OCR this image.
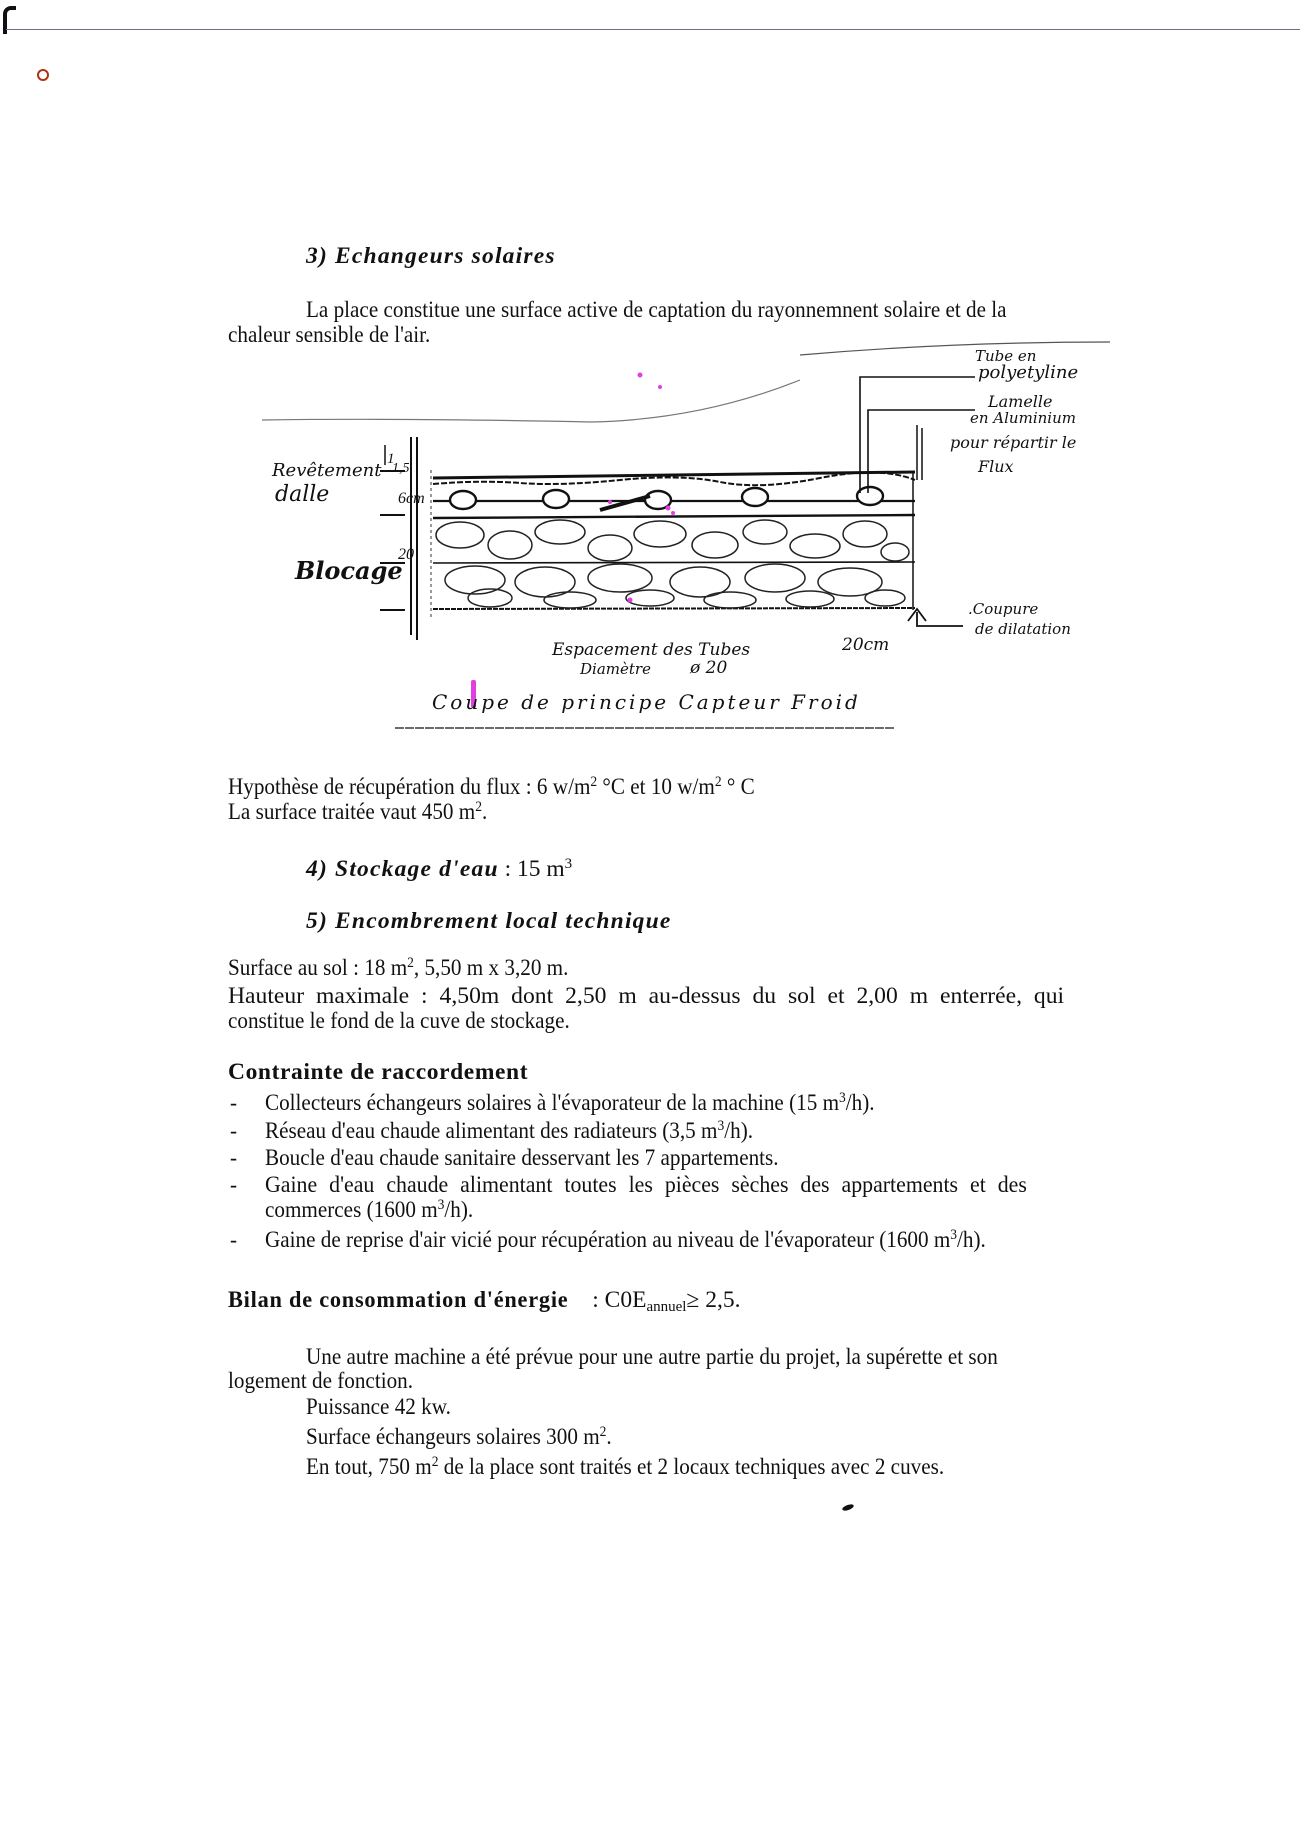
3) Echangeurs solaires
La place constitue une surface active de captation du rayonnemnent solaire et de la
chaleur sensible de l'air.
1
1,5
6cm
20
Revêtement
dalle
Blocage
Tube en
polyetyline
Lamelle
en Aluminium
pour répartir le
Flux
.Coupure
de dilatation
Espacement des Tubes	20cm
Diamètre ø 20
Coupe de principe Capteur Froid
Hypothèse de récupération du flux : 6 $w/m^2$ °C et 10 $w/m^2$ ° C
La surface traitée vaut 450 $m^2$.
4) Stockage d'eau : 15 $m^3$
5) Encombrement local technique
Surface au sol : 18 $m^2$, 5,50 m x 3,20 m.
Hauteur maximale : 4,50m dont 2,50 m au-dessus du sol et 2,00 m enterrée, qui
constitue le fond de la cuve de stockage.
Contrainte de raccordement
- Collecteurs échangeurs solaires à l'évaporateur de la machine (15 $m^3/h$).
- Réseau d'eau chaude alimentant des radiateurs (3,5 $m^3/h$).
- Boucle d'eau chaude sanitaire desservant les 7 appartements.
- Gaine d'eau chaude alimentant toutes les pièces sèches des appartements et des
commerces (1600 $m^3/h$).
- Gaine de reprise d'air vicié pour récupération au niveau de l'évaporateur (1600 $m^3/h$).
Bilan de consommation d'énergie : $C0E_{annuel}\ge 2,5$.
Une autre machine a été prévue pour une autre partie du projet, la supérette et son
logement de fonction.
Puissance 42 kw.
Surface échangeurs solaires 300 $m^2$.
En tout, 750 $m^2$ de la place sont traités et 2 locaux techniques avec 2 cuves.
